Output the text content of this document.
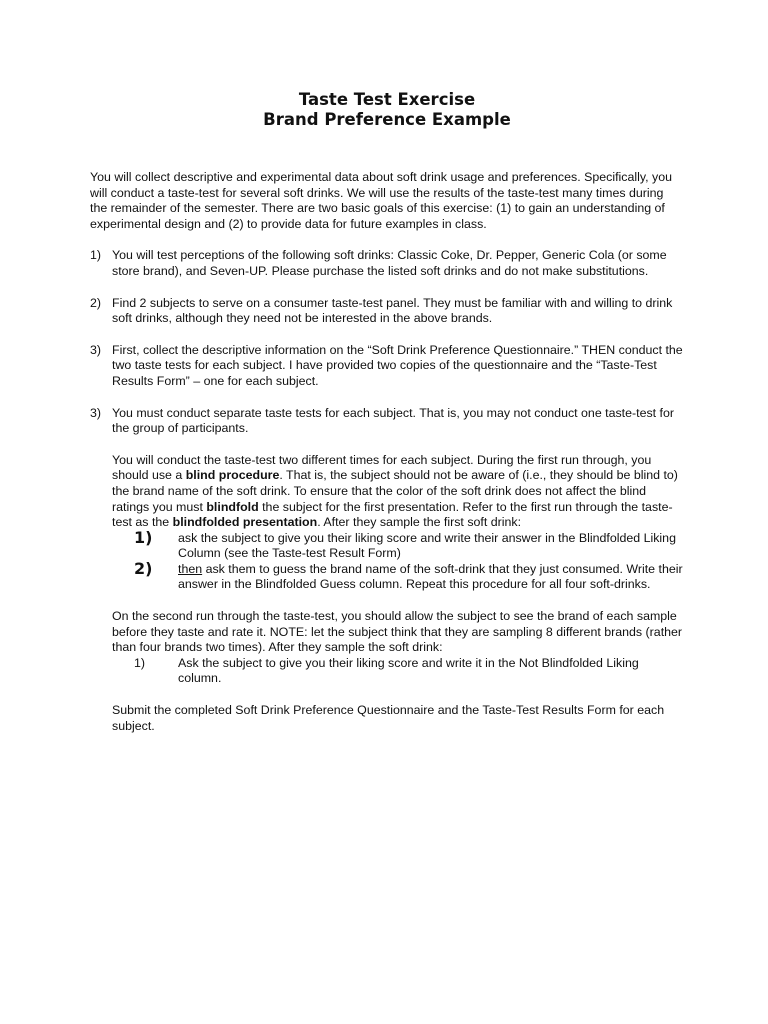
Taste Test Exercise
Brand Preference Example

You will collect descriptive and experimental data about soft drink usage and preferences. Specifically, you will conduct a taste-test for several soft drinks. We will use the results of the taste-test many times during the remainder of the semester. There are two basic goals of this exercise: (1) to gain an understanding of experimental design and (2) to provide data for future examples in class.

1) You will test perceptions of the following soft drinks: Classic Coke, Dr. Pepper, Generic Cola (or some store brand), and Seven-UP. Please purchase the listed soft drinks and do not make substitutions.

2) Find 2 subjects to serve on a consumer taste-test panel. They must be familiar with and willing to drink soft drinks, although they need not be interested in the above brands.

3) First, collect the descriptive information on the “Soft Drink Preference Questionnaire.” THEN conduct the two taste tests for each subject. I have provided two copies of the questionnaire and the “Taste-Test Results Form” – one for each subject.

3) You must conduct separate taste tests for each subject. That is, you may not conduct one taste-test for the group of participants.

You will conduct the taste-test two different times for each subject. During the first run through, you should use a blind procedure. That is, the subject should not be aware of (i.e., they should be blind to) the brand name of the soft drink. To ensure that the color of the soft drink does not affect the blind ratings you must blindfold the subject for the first presentation. Refer to the first run through the taste-test as the blindfolded presentation. After they sample the first soft drink:

1) ask the subject to give you their liking score and write their answer in the Blindfolded Liking Column (see the Taste-test Result Form)
2) then ask them to guess the brand name of the soft-drink that they just consumed. Write their answer in the Blindfolded Guess column. Repeat this procedure for all four soft-drinks.

On the second run through the taste-test, you should allow the subject to see the brand of each sample before they taste and rate it. NOTE: let the subject think that they are sampling 8 different brands (rather than four brands two times). After they sample the soft drink:

1)	Ask the subject to give you their liking score and write it in the Not Blindfolded Liking column.

Submit the completed Soft Drink Preference Questionnaire and the Taste-Test Results Form for each subject.
